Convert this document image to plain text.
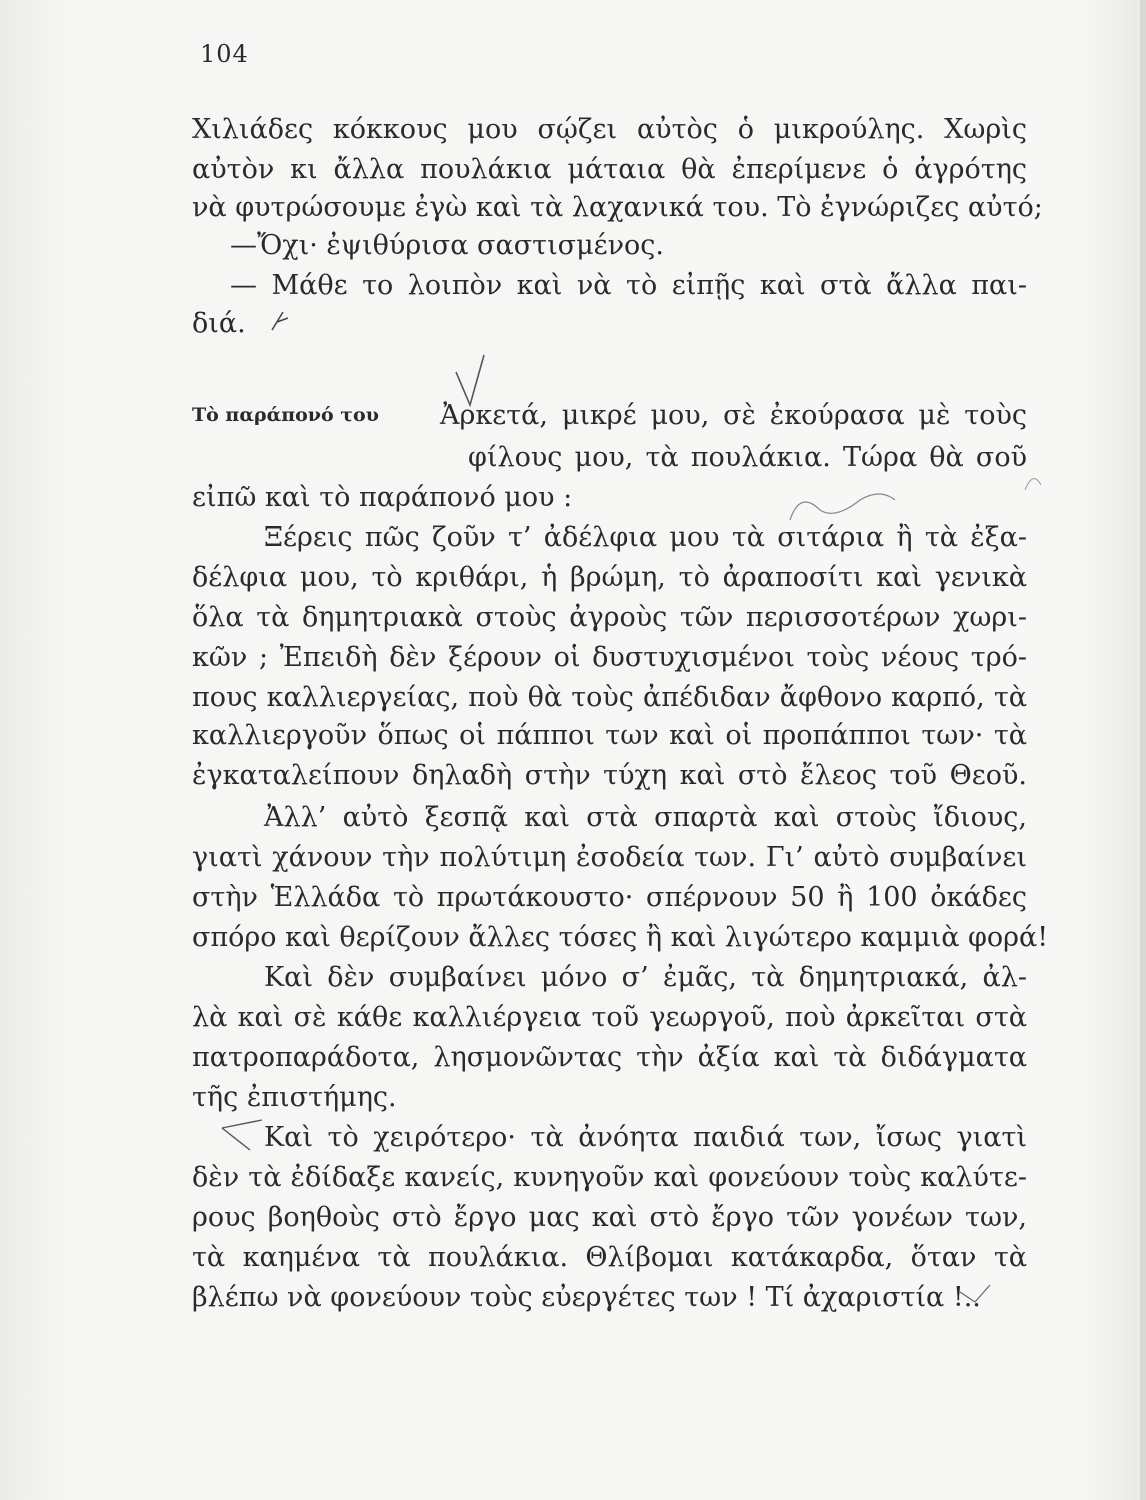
104
Χιλιάδες κόκκους μου σῴζει αὐτὸς ὁ μικρούλης. Χωρὶς
αὐτὸν κι ἄλλα πουλάκια μάταια θὰ ἐπερίμενε ὁ ἀγρότης
νὰ φυτρώσουμε ἐγὼ καὶ τὰ λαχανικά του. Τὸ ἐγνώριζες αὐτό;
—Ὄχι· ἐψιθύρισα σαστισμένος.
— Μάθε το λοιπὸν καὶ νὰ τὸ εἰπῇς καὶ στὰ ἄλλα παι-
διά.
Τὸ παράπονό του Ἀρκετά, μικρέ μου, σὲ ἐκούρασα μὲ τοὺς
φίλους μου, τὰ πουλάκια. Τώρα θὰ σοῦ
εἰπῶ καὶ τὸ παράπονό μου :
Ξέρεις πῶς ζοῦν τ’ ἀδέλφια μου τὰ σιτάρια ἢ τὰ ἐξα-
δέλφια μου, τὸ κριθάρι, ἡ βρώμη, τὸ ἀραποσίτι καὶ γενικὰ
ὅλα τὰ δημητριακὰ στοὺς ἀγροὺς τῶν περισσοτέρων χωρι-
κῶν ; Ἐπειδὴ δὲν ξέρουν οἱ δυστυχισμένοι τοὺς νέους τρό-
πους καλλιεργείας, ποὺ θὰ τοὺς ἀπέδιδαν ἄφθονο καρπό, τὰ
καλλιεργοῦν ὅπως οἱ πάπποι των καὶ οἱ προπάπποι των· τὰ
ἐγκαταλείπουν δηλαδὴ στὴν τύχη καὶ στὸ ἔλεος τοῦ Θεοῦ.
Ἀλλ’ αὐτὸ ξεσπᾷ καὶ στὰ σπαρτὰ καὶ στοὺς ἴδιους,
γιατὶ χάνουν τὴν πολύτιμη ἐσοδεία των. Γι’ αὐτὸ συμβαίνει
στὴν Ἑλλάδα τὸ πρωτάκουστο· σπέρνουν 50 ἢ 100 ὀκάδες
σπόρο καὶ θερίζουν ἄλλες τόσες ἢ καὶ λιγώτερο καμμιὰ φορά!
Καὶ δὲν συμβαίνει μόνο σ’ ἐμᾶς, τὰ δημητριακά, ἀλ-
λὰ καὶ σὲ κάθε καλλιέργεια τοῦ γεωργοῦ, ποὺ ἀρκεῖται στὰ
πατροπαράδοτα, λησμονῶντας τὴν ἀξία καὶ τὰ διδάγματα
τῆς ἐπιστήμης.
Καὶ τὸ χειρότερο· τὰ ἀνόητα παιδιά των, ἴσως γιατὶ
δὲν τὰ ἐδίδαξε κανείς, κυνηγοῦν καὶ φονεύουν τοὺς καλύτε-
ρους βοηθοὺς στὸ ἔργο μας καὶ στὸ ἔργο τῶν γονέων των,
τὰ καημένα τὰ πουλάκια. Θλίβομαι κατάκαρδα, ὅταν τὰ
βλέπω νὰ φονεύουν τοὺς εὐεργέτες των ! Τί ἀχαριστία !..
